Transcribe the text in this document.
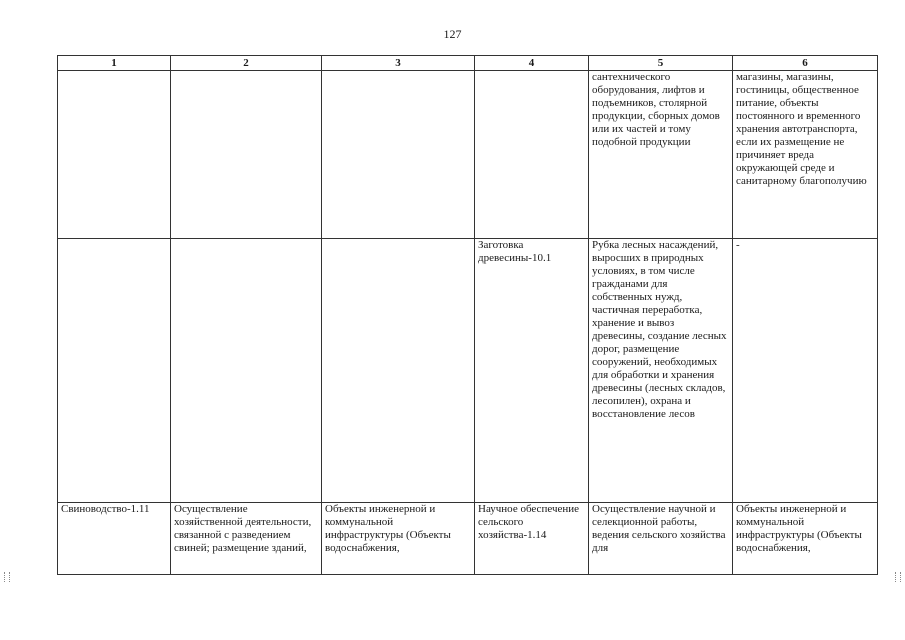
127
1	2	3	4	5	6

				сантехнического оборудования, лифтов и подъемников, столярной продукции, сборных домов или их частей и тому подобной продукции	магазины, магазины, гостиницы, общественное питание, объекты постоянного и временного хранения автотранспорта, если их размещение не причиняет вреда окружающей среде и санитарному благополучию

			Заготовка древесины-10.1	Рубка лесных насаждений, выросших в природных условиях, в том числе гражданами для собственных нужд, частичная переработка, хранение и вывоз древесины, создание лесных дорог, размещение сооружений, необходимых для обработки и хранения древесины (лесных складов, лесопилен), охрана и восстановление лесов	-

Свиноводство-1.11	Осуществление хозяйственной деятельности, связанной с разведением свиней; размещение зданий,	Объекты инженерной и коммунальной инфраструктуры (Объекты водоснабжения,	Научное обеспечение сельского хозяйства-1.14	Осуществление научной и селекционной работы, ведения сельского хозяйства для	Объекты инженерной и коммунальной инфраструктуры (Объекты водоснабжения,
